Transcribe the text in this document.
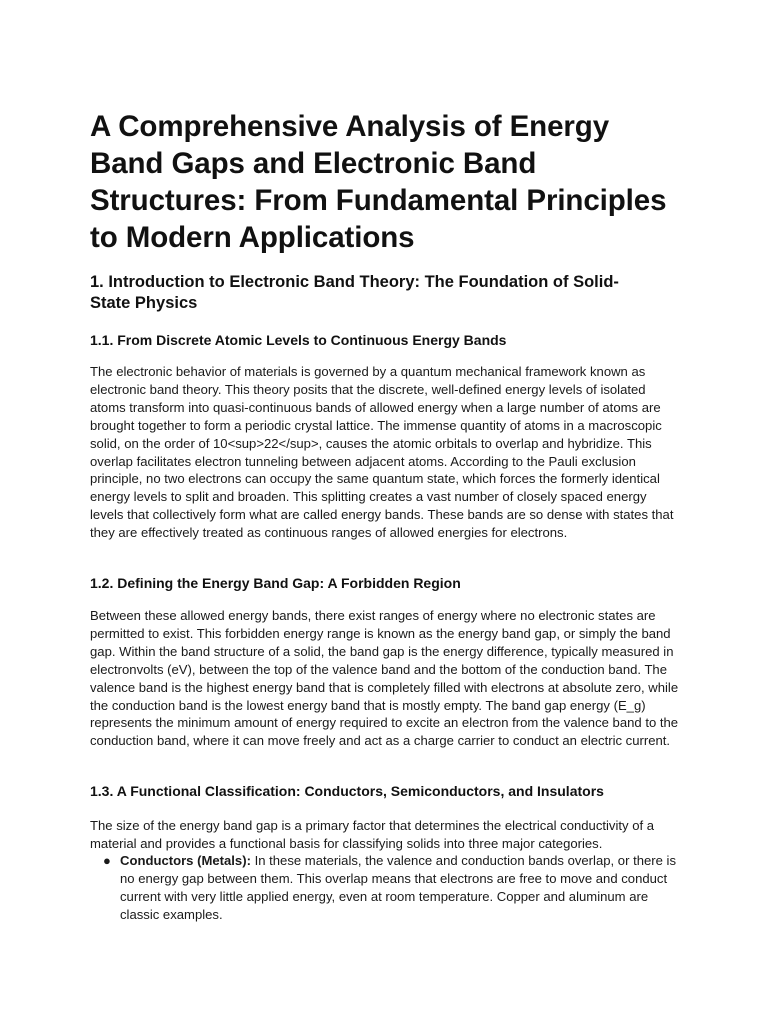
A Comprehensive Analysis of Energy Band Gaps and Electronic Band Structures: From Fundamental Principles to Modern Applications
1. Introduction to Electronic Band Theory: The Foundation of Solid-State Physics
1.1. From Discrete Atomic Levels to Continuous Energy Bands

The electronic behavior of materials is governed by a quantum mechanical framework known as electronic band theory. This theory posits that the discrete, well-defined energy levels of isolated atoms transform into quasi-continuous bands of allowed energy when a large number of atoms are brought together to form a periodic crystal lattice. The immense quantity of atoms in a macroscopic solid, on the order of 10<sup>22</sup>, causes the atomic orbitals to overlap and hybridize. This overlap facilitates electron tunneling between adjacent atoms. According to the Pauli exclusion principle, no two electrons can occupy the same quantum state, which forces the formerly identical energy levels to split and broaden. This splitting creates a vast number of closely spaced energy levels that collectively form what are called energy bands. These bands are so dense with states that they are effectively treated as continuous ranges of allowed energies for electrons.

1.2. Defining the Energy Band Gap: A Forbidden Region

Between these allowed energy bands, there exist ranges of energy where no electronic states are permitted to exist. This forbidden energy range is known as the energy band gap, or simply the band gap. Within the band structure of a solid, the band gap is the energy difference, typically measured in electronvolts (eV), between the top of the valence band and the bottom of the conduction band. The valence band is the highest energy band that is completely filled with electrons at absolute zero, while the conduction band is the lowest energy band that is mostly empty. The band gap energy (E_g) represents the minimum amount of energy required to excite an electron from the valence band to the conduction band, where it can move freely and act as a charge carrier to conduct an electric current.

1.3. A Functional Classification: Conductors, Semiconductors, and Insulators

The size of the energy band gap is a primary factor that determines the electrical conductivity of a material and provides a functional basis for classifying solids into three major categories.

● Conductors (Metals): In these materials, the valence and conduction bands overlap, or there is no energy gap between them. This overlap means that electrons are free to move and conduct current with very little applied energy, even at room temperature. Copper and aluminum are classic examples.
